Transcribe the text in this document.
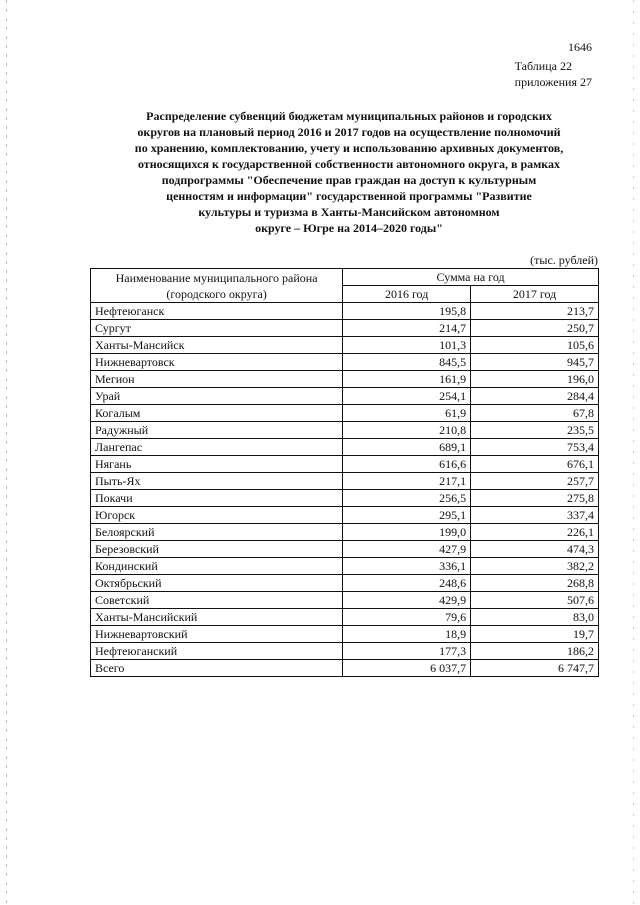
1646
Таблица 22
приложения 27
Распределение субвенций бюджетам муниципальных районов и городских
округов на плановый период 2016 и 2017 годов на осуществление полномочий
по хранению, комплектованию, учету и использованию архивных документов,
относящихся к государственной собственности автономного округа, в рамках
подпрограммы "Обеспечение прав граждан на доступ к культурным
ценностям и информации" государственной программы "Развитие
культуры и туризма в Ханты-Мансийском автономном
округе – Югре на 2014–2020 годы"
(тыс. рублей)
Наименование муниципального района (городского округа)	Сумма на год	
	2016 год	2017 год
Нефтеюганск	195,8	213,7
Сургут	214,7	250,7
Ханты-Мансийск	101,3	105,6
Нижневартовск	845,5	945,7
Мегион	161,9	196,0
Урай	254,1	284,4
Когалым	61,9	67,8
Радужный	210,8	235,5
Лангепас	689,1	753,4
Нягань	616,6	676,1
Пыть-Ях	217,1	257,7
Покачи	256,5	275,8
Югорск	295,1	337,4
Белоярский	199,0	226,1
Березовский	427,9	474,3
Кондинский	336,1	382,2
Октябрьский	248,6	268,8
Советский	429,9	507,6
Ханты-Мансийский	79,6	83,0
Нижневартовский	18,9	19,7
Нефтеюганский	177,3	186,2
Всего	6 037,7	6 747,7
